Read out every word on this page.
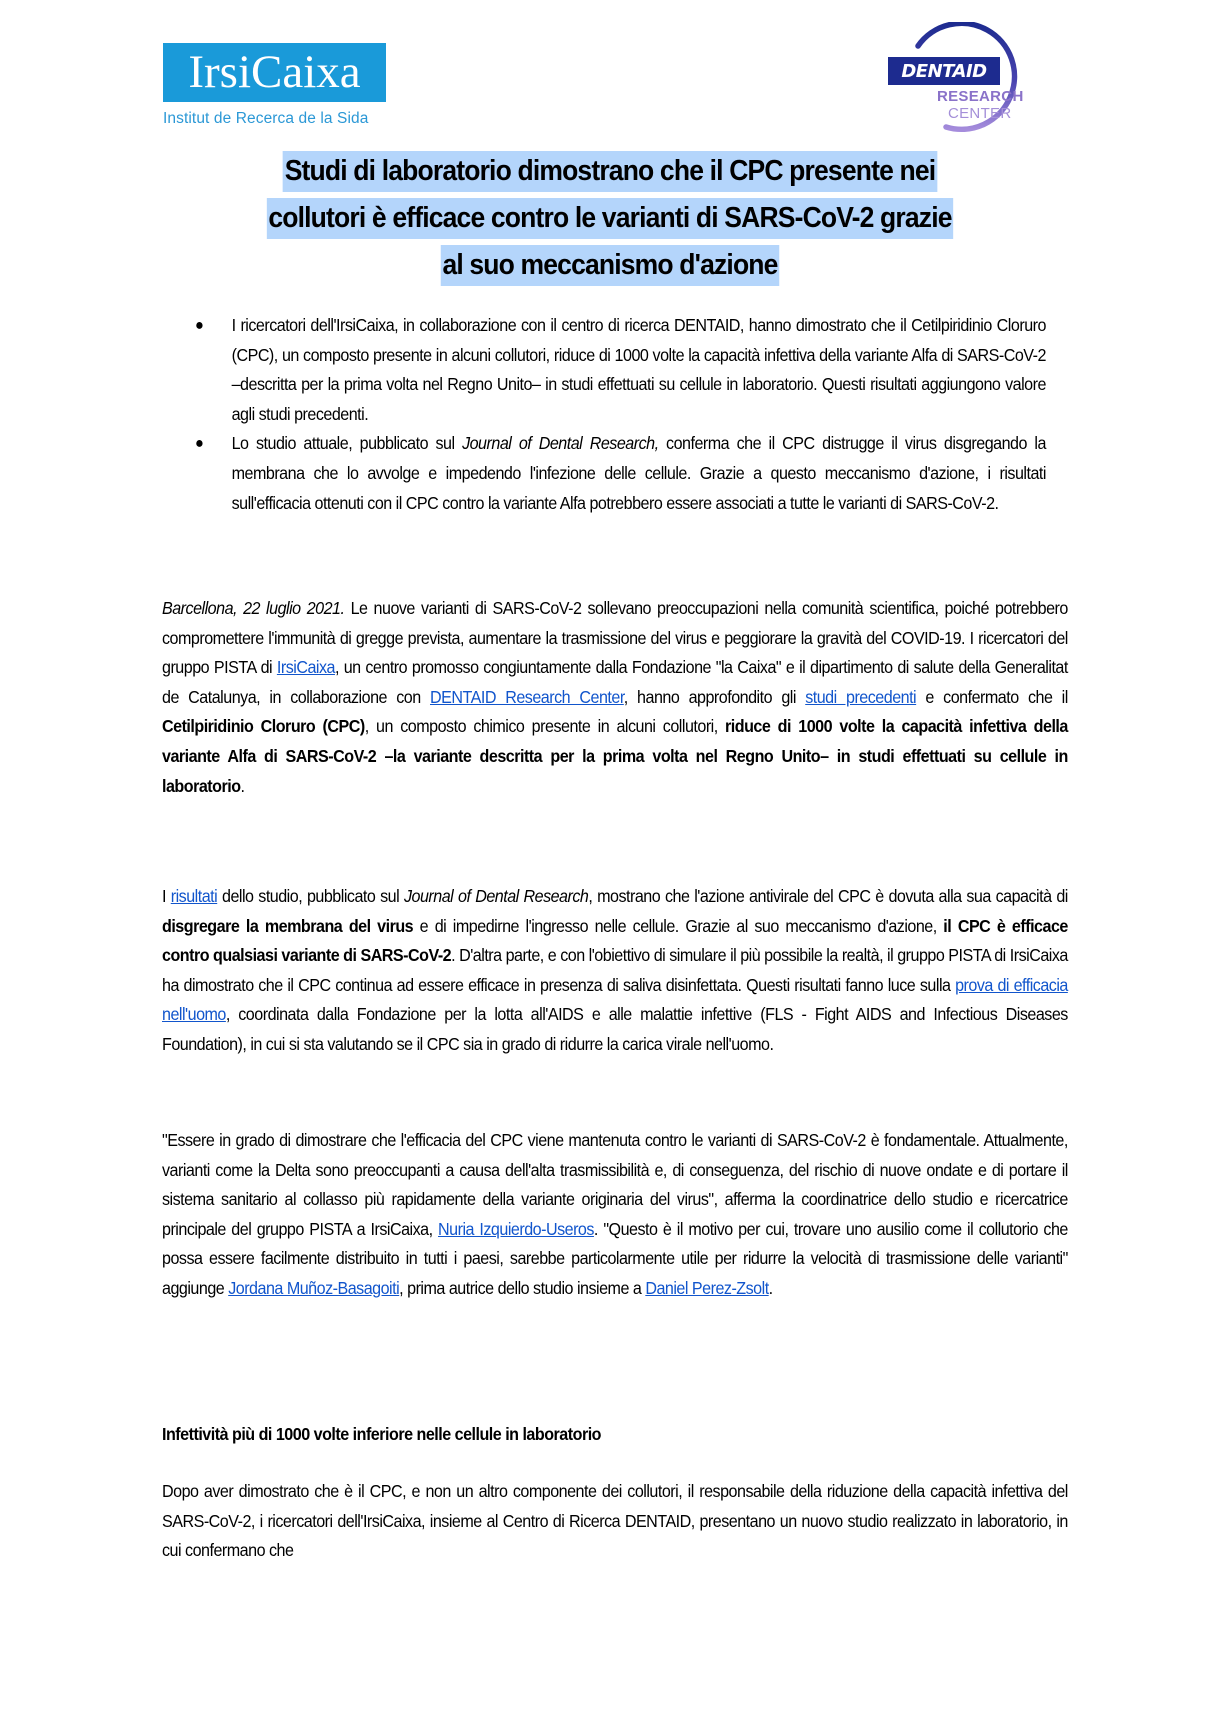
IrsiCaixa
Institut de Recerca de la Sida
DENTAID
RESEARCH
CENTER
Studi di laboratorio dimostrano che il CPC presente nei
collutori è efficace contro le varianti di SARS-CoV-2 grazie
al suo meccanismo d'azione
● I ricercatori dell'IrsiCaixa, in collaborazione con il centro di ricerca DENTAID, hanno dimostrato che il Cetilpiridinio Cloruro (CPC), un composto presente in alcuni collutori, riduce di 1000 volte la capacità infettiva della variante Alfa di SARS-CoV-2 –descritta per la prima volta nel Regno Unito– in studi effettuati su cellule in laboratorio. Questi risultati aggiungono valore agli studi precedenti.
● Lo studio attuale, pubblicato sul Journal of Dental Research, conferma che il CPC distrugge il virus disgregando la membrana che lo avvolge e impedendo l'infezione delle cellule. Grazie a questo meccanismo d'azione, i risultati sull'efficacia ottenuti con il CPC contro la variante Alfa potrebbero essere associati a tutte le varianti di SARS-CoV-2.

Barcellona, 22 luglio 2021. Le nuove varianti di SARS-CoV-2 sollevano preoccupazioni nella comunità scientifica, poiché potrebbero compromettere l'immunità di gregge prevista, aumentare la trasmissione del virus e peggiorare la gravità del COVID-19. I ricercatori del gruppo PISTA di IrsiCaixa, un centro promosso congiuntamente dalla Fondazione "la Caixa" e il dipartimento di salute della Generalitat de Catalunya, in collaborazione con DENTAID Research Center, hanno approfondito gli studi precedenti e confermato che il Cetilpiridinio Cloruro (CPC), un composto chimico presente in alcuni collutori, riduce di 1000 volte la capacità infettiva della variante Alfa di SARS-CoV-2 –la variante descritta per la prima volta nel Regno Unito– in studi effettuati su cellule in laboratorio.

I risultati dello studio, pubblicato sul Journal of Dental Research, mostrano che l'azione antivirale del CPC è dovuta alla sua capacità di disgregare la membrana del virus e di impedirne l'ingresso nelle cellule. Grazie al suo meccanismo d'azione, il CPC è efficace contro qualsiasi variante di SARS-CoV-2. D'altra parte, e con l'obiettivo di simulare il più possibile la realtà, il gruppo PISTA di IrsiCaixa ha dimostrato che il CPC continua ad essere efficace in presenza di saliva disinfettata. Questi risultati fanno luce sulla prova di efficacia nell'uomo, coordinata dalla Fondazione per la lotta all'AIDS e alle malattie infettive (FLS - Fight AIDS and Infectious Diseases Foundation), in cui si sta valutando se il CPC sia in grado di ridurre la carica virale nell'uomo.

"Essere in grado di dimostrare che l'efficacia del CPC viene mantenuta contro le varianti di SARS-CoV-2 è fondamentale. Attualmente, varianti come la Delta sono preoccupanti a causa dell'alta trasmissibilità e, di conseguenza, del rischio di nuove ondate e di portare il sistema sanitario al collasso più rapidamente della variante originaria del virus", afferma la coordinatrice dello studio e ricercatrice principale del gruppo PISTA a IrsiCaixa, Nuria Izquierdo-Useros. "Questo è il motivo per cui, trovare uno ausilio come il collutorio che possa essere facilmente distribuito in tutti i paesi, sarebbe particolarmente utile per ridurre la velocità di trasmissione delle varianti" aggiunge Jordana Muñoz-Basagoiti, prima autrice dello studio insieme a Daniel Perez-Zsolt.

Infettività più di 1000 volte inferiore nelle cellule in laboratorio

Dopo aver dimostrato che è il CPC, e non un altro componente dei collutori, il responsabile della riduzione della capacità infettiva del SARS-CoV-2, i ricercatori dell'IrsiCaixa, insieme al Centro di Ricerca DENTAID, presentano un nuovo studio realizzato in laboratorio, in cui confermano che
